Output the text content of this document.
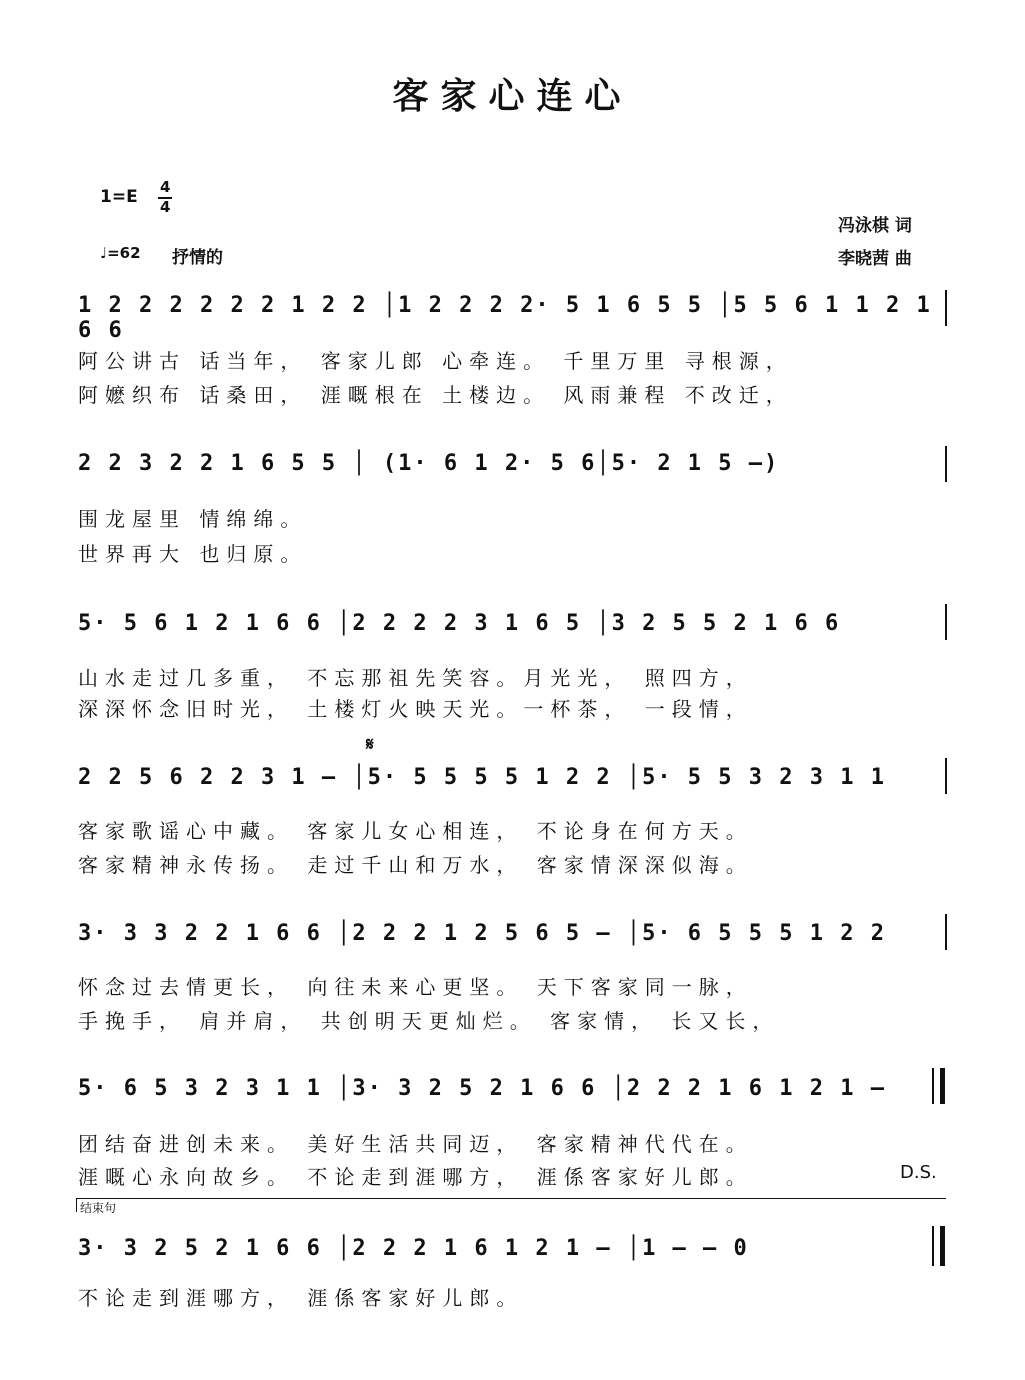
客家心连心
1=E 4
4
♩=62 抒情的
冯泳棋 词
李晓茜 曲
1 2 2 2 2 2 2 1 2 2 │1 2 2 2 2· 5 1 6 5 5 │5 5 6 1 1 2 1 6 6
阿公讲古 话当年， 客家儿郎 心牵连。 千里万里 寻根源，
阿嬷织布 话桑田， 涯嘅根在 土楼边。 风雨兼程 不改迁，
2 2 3 2 2 1 6 5 5 │ (1· 6 1 2· 5 6│5· 2 1 5 –)
围龙屋里 情绵绵。
世界再大 也归原。
5· 5 6 1 2 1 6 6 │2 2 2 2 3 1 6 5 │3 2 5 5 2 1 6 6
山水走过几多重， 不忘那祖先笑容。月光光， 照四方，
深深怀念旧时光， 土楼灯火映天光。一杯茶， 一段情，
𝄋
2 2 5 6 2 2 3 1 – │5· 5 5 5 5 1 2 2 │5· 5 5 3 2 3 1 1
客家歌谣心中藏。 客家儿女心相连， 不论身在何方天。
客家精神永传扬。 走过千山和万水， 客家情深深似海。
3· 3 3 2 2 1 6 6 │2 2 2 1 2 5 6 5 – │5· 6 5 5 5 1 2 2
怀念过去情更长， 向往未来心更坚。 天下客家同一脉，
手挽手， 肩并肩， 共创明天更灿烂。 客家情， 长又长，
5· 6 5 3 2 3 1 1 │3· 3 2 5 2 1 6 6 │2 2 2 1 6 1 2 1 –
团结奋进创未来。 美好生活共同迈， 客家精神代代在。
涯嘅心永向故乡。 不论走到涯哪方， 涯係客家好儿郎。	D.S.
结束句
3· 3 2 5 2 1 6 6 │2 2 2 1 6 1 2 1 – │1 – – 0
不论走到涯哪方， 涯係客家好儿郎。
